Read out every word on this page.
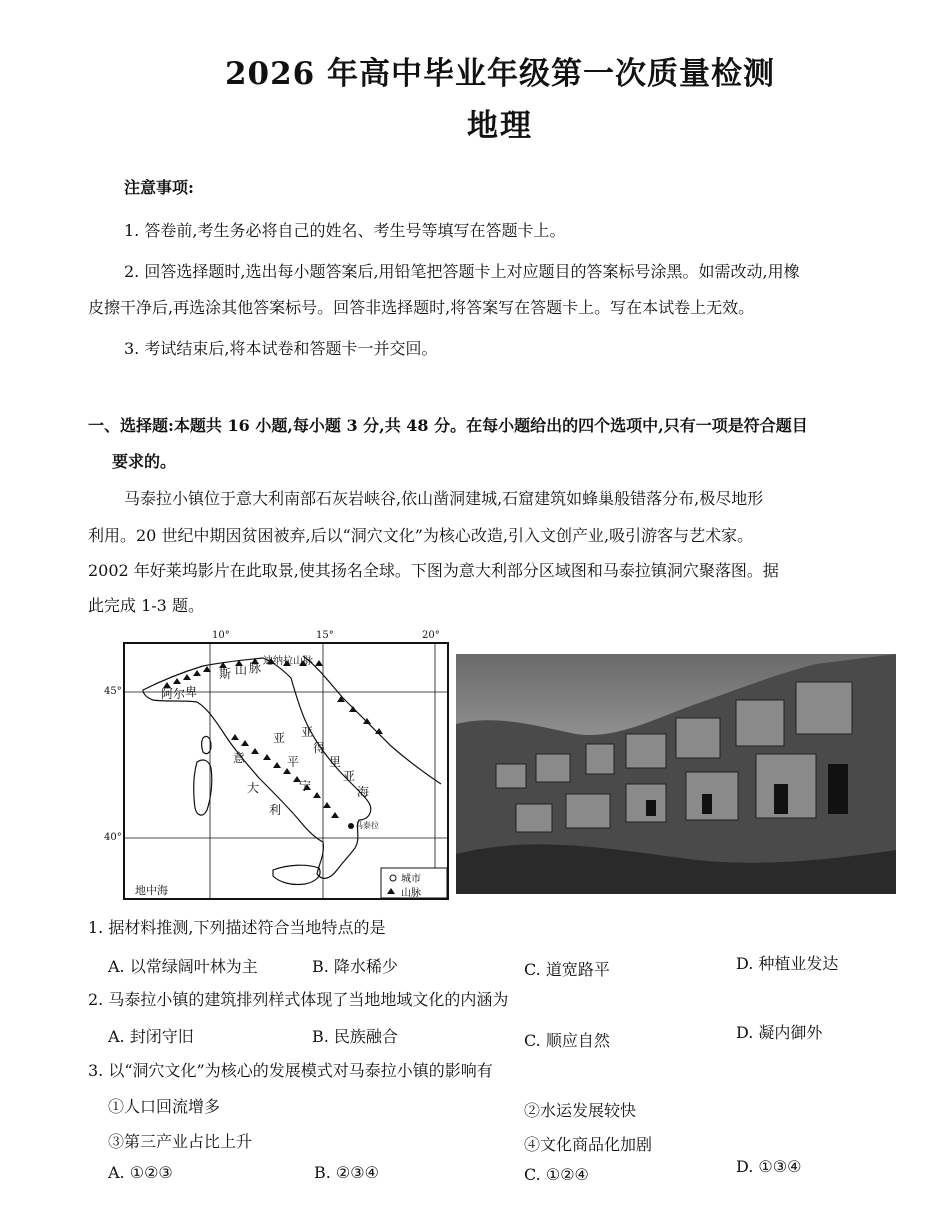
2026 年高中毕业年级第一次质量检测
地理
注意事项:
1. 答卷前,考生务必将自己的姓名、考生号等填写在答题卡上。
2. 回答选择题时,选出每小题答案后,用铅笔把答题卡上对应题目的答案标号涂黑。如需改动,用橡
皮擦干净后,再选涂其他答案标号。回答非选择题时,将答案写在答题卡上。写在本试卷上无效。
3. 考试结束后,将本试卷和答题卡一并交回。
一、选择题:本题共 16 小题,每小题 3 分,共 48 分。在每小题给出的四个选项中,只有一项是符合题目
要求的。
马泰拉小镇位于意大利南部石灰岩峡谷,依山凿洞建城,石窟建筑如蜂巢般错落分布,极尽地形
利用。20 世纪中期因贫困被弃,后以“洞穴文化”为核心改造,引入文创产业,吸引游客与艺术家。
2002 年好莱坞影片在此取景,使其扬名全球。下图为意大利部分区域图和马泰拉镇洞穴聚落图。据
此完成 1-3 题。
阿 尔 卑
斯 山 脉 迪纳拉山脉
意
大
利
亚
平
宁
亚
得
里
亚
海
马泰拉
地中海
城市
山脉
10°	15°	20°
45°
40°
1. 据材料推测,下列描述符合当地特点的是
A. 以常绿阔叶林为主	B. 降水稀少	C. 道宽路平	D. 种植业发达
2. 马泰拉小镇的建筑排列样式体现了当地地域文化的内涵为
A. 封闭守旧	B. 民族融合	C. 顺应自然	D. 凝内御外
3. 以“洞穴文化”为核心的发展模式对马泰拉小镇的影响有
①人口回流增多	②水运发展较快
③第三产业占比上升	④文化商品化加剧
A. ①②③	B. ②③④	C. ①②④	D. ①③④
